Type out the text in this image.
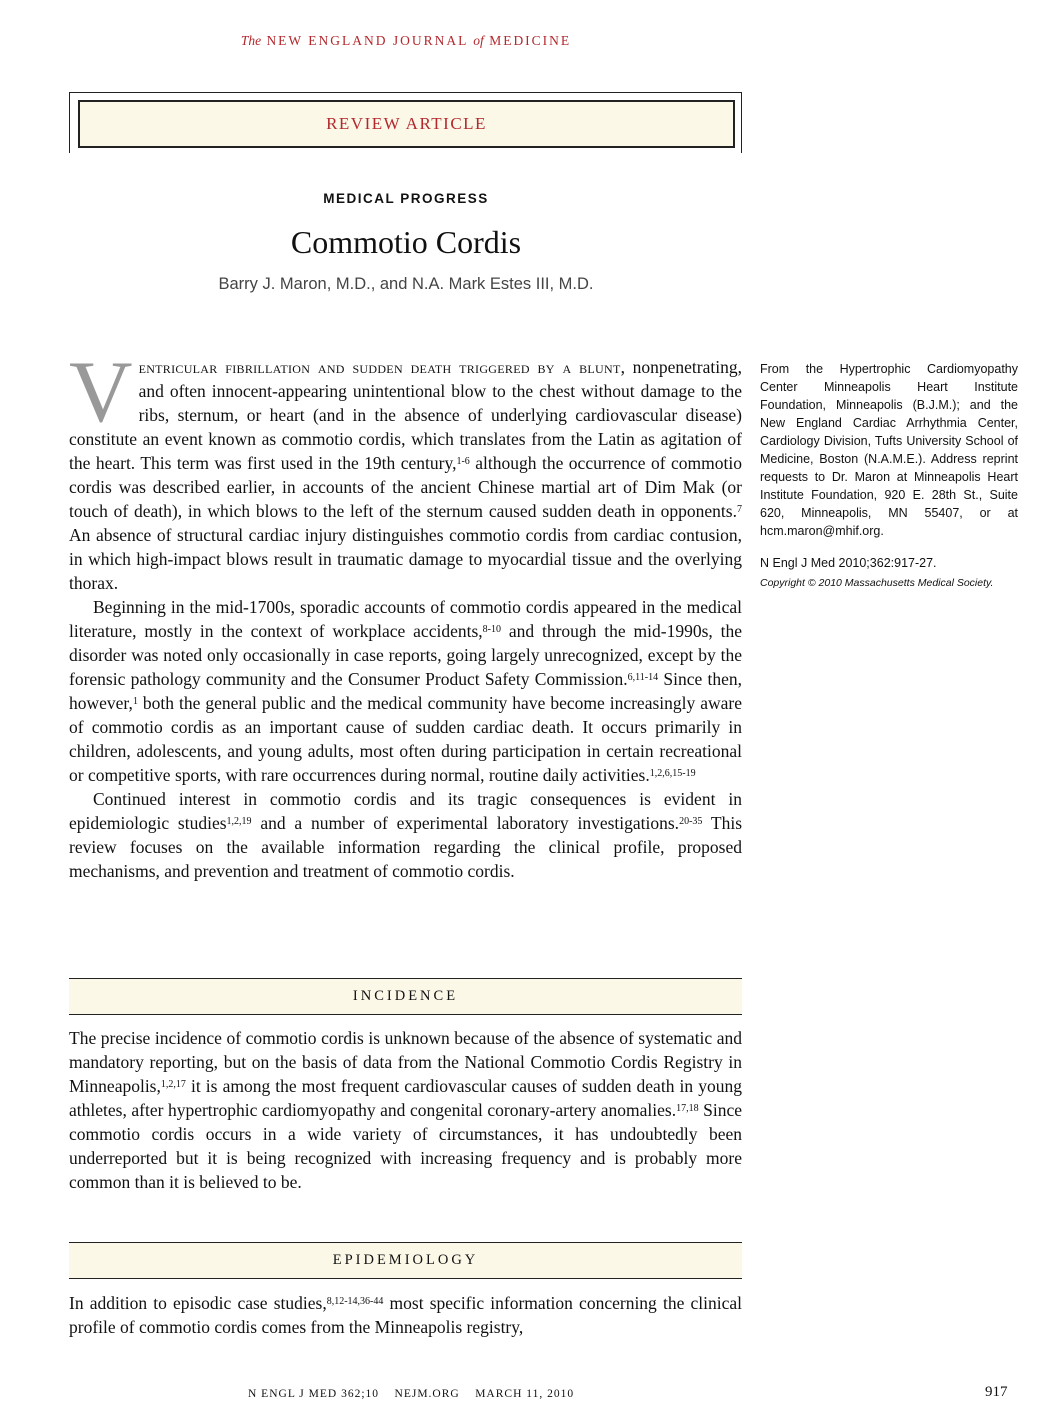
The NEW ENGLAND JOURNAL of MEDICINE
REVIEW ARTICLE
MEDICAL PROGRESS
Commotio Cordis
Barry J. Maron, M.D., and N.A. Mark Estes III, M.D.

Ventricular fibrillation and sudden death triggered by a blunt, nonpenetrating, and often innocent-appearing unintentional blow to the chest without damage to the ribs, sternum, or heart (and in the absence of underlying cardiovascular disease) constitute an event known as commotio cordis, which translates from the Latin as agitation of the heart. This term was first used in the 19th century,$^{1-6}$ although the occurrence of commotio cordis was described earlier, in accounts of the ancient Chinese martial art of Dim Mak (or touch of death), in which blows to the left of the sternum caused sudden death in opponents.$^7$ An absence of structural cardiac injury distinguishes commotio cordis from cardiac contusion, in which high-impact blows result in traumatic damage to myocardial tissue and the overlying thorax.

Beginning in the mid-1700s, sporadic accounts of commotio cordis appeared in the medical literature, mostly in the context of workplace accidents,$^{8-10}$ and through the mid-1990s, the disorder was noted only occasionally in case reports, going largely unrecognized, except by the forensic pathology community and the Consumer Product Safety Commission.$^{6,11-14}$ Since then, however,$^1$ both the general public and the medical community have become increasingly aware of commotio cordis as an important cause of sudden cardiac death. It occurs primarily in children, adolescents, and young adults, most often during participation in certain recreational or competitive sports, with rare occurrences during normal, routine daily activities.$^{1,2,6,15-19}$

Continued interest in commotio cordis and its tragic consequences is evident in epidemiologic studies$^{1,2,19}$ and a number of experimental laboratory investigations.$^{20-35}$ This review focuses on the available information regarding the clinical profile, proposed mechanisms, and prevention and treatment of commotio cordis.

From the Hypertrophic Cardiomyopathy Center Minneapolis Heart Institute Foundation, Minneapolis (B.J.M.); and the New England Cardiac Arrhythmia Center, Cardiology Division, Tufts University School of Medicine, Boston (N.A.M.E.). Address reprint requests to Dr. Maron at Minneapolis Heart Institute Foundation, 920 E. 28th St., Suite 620, Minneapolis, MN 55407, or at hcm.maron@mhif.org.
N Engl J Med 2010;362:917-27.
Copyright © 2010 Massachusetts Medical Society.
INCIDENCE

The precise incidence of commotio cordis is unknown because of the absence of systematic and mandatory reporting, but on the basis of data from the National Commotio Cordis Registry in Minneapolis,$^{1,2,17}$ it is among the most frequent cardiovascular causes of sudden death in young athletes, after hypertrophic cardiomyopathy and congenital coronary-artery anomalies.$^{17,18}$ Since commotio cordis occurs in a wide variety of circumstances, it has undoubtedly been underreported but it is being recognized with increasing frequency and is probably more common than it is believed to be.

EPIDEMIOLOGY

In addition to episodic case studies,$^{8,12-14,36-44}$ most specific information concerning the clinical profile of commotio cordis comes from the Minneapolis registry,

N ENGL J MED 362;10    NEJM.ORG    MARCH 11, 2010	917
